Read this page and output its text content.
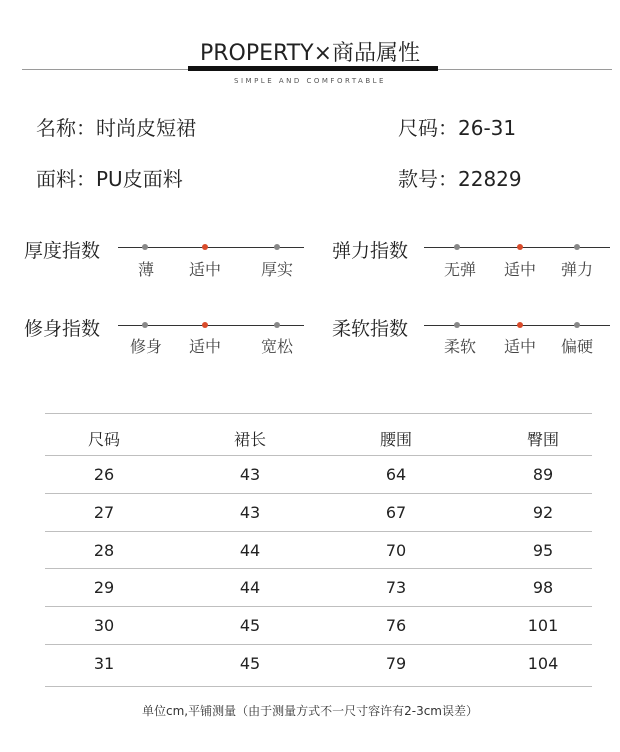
PROPERTY×商品属性
SIMPLE AND COMFORTABLE
名称：时尚皮短裙	尺码：26-31
面料：PU皮面料	款号：22829
厚度指数
薄 适中 厚实
弹力指数
无弹 适中 弹力
修身指数
修身 适中 宽松
柔软指数
柔软 适中 偏硬
尺码	裙长	腰围	臀围
26	43	64	89
27	43	67	92
28	44	70	95
29	44	73	98
30	45	76	101
31	45	79	104
单位cm,平铺测量（由于测量方式不一尺寸容许有2-3cm误差）
